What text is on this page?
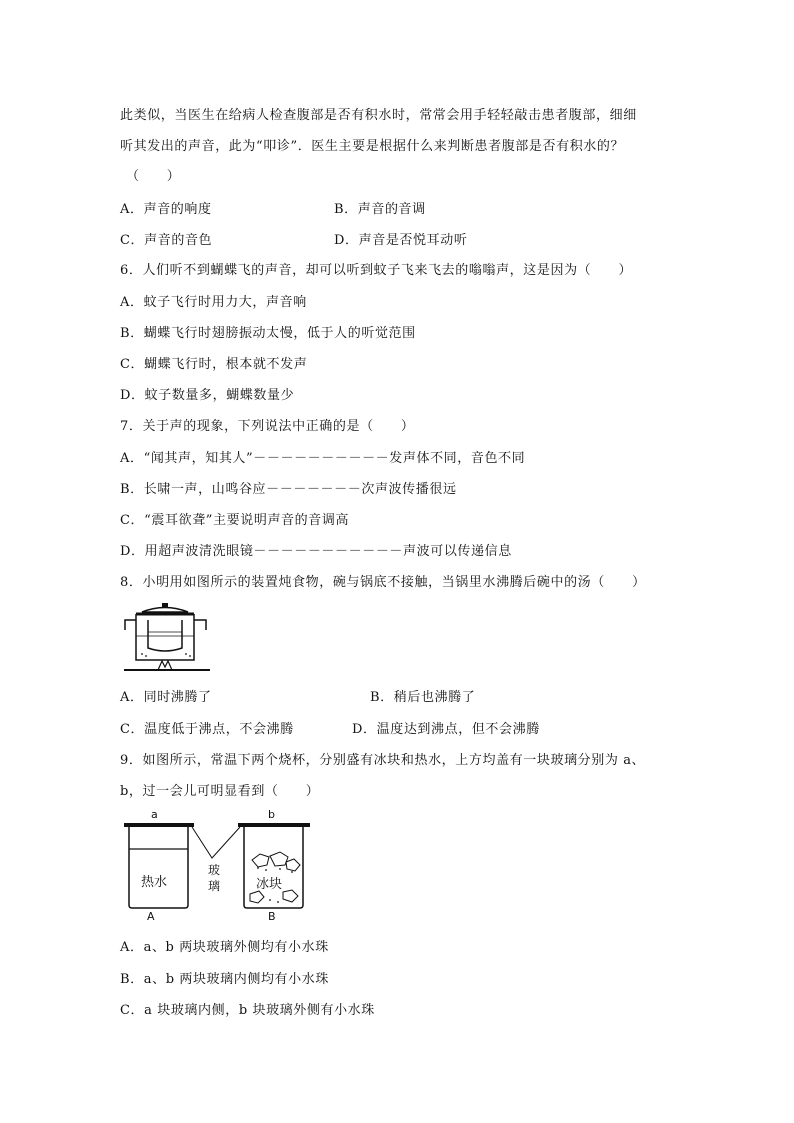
此类似，当医生在给病人检查腹部是否有积水时，常常会用手轻轻敲击患者腹部，细细
听其发出的声音，此为“叩诊”．医生主要是根据什么来判断患者腹部是否有积水的？
（　　）
A．声音的响度	B．声音的音调
C．声音的音色	D．声音是否悦耳动听
6．人们听不到蝴蝶飞的声音，却可以听到蚊子飞来飞去的嗡嗡声，这是因为（　　）
A．蚊子飞行时用力大，声音响
B．蝴蝶飞行时翅膀振动太慢，低于人的听觉范围
C．蝴蝶飞行时，根本就不发声
D．蚊子数量多，蝴蝶数量少
7．关于声的现象，下列说法中正确的是（　　）
A．“闻其声，知其人”－－－－－－－－－－发声体不同，音色不同
B．长啸一声，山鸣谷应－－－－－－－次声波传播很远
C．“震耳欲聋”主要说明声音的音调高
D．用超声波清洗眼镜－－－－－－－－－－－声波可以传递信息
8．小明用如图所示的装置炖食物，碗与锅底不接触，当锅里水沸腾后碗中的汤（　　）
A．同时沸腾了	B．稍后也沸腾了
C．温度低于沸点，不会沸腾	D．温度达到沸点，但不会沸腾
9．如图所示，常温下两个烧杯，分别盛有冰块和热水，上方均盖有一块玻璃分别为 a、
b，过一会儿可明显看到（　　）
a
热水
A
b
冰块
B
玻
璃
A．a、b 两块玻璃外侧均有小水珠
B．a、b 两块玻璃内侧均有小水珠
C．a 块玻璃内侧，b 块玻璃外侧有小水珠
